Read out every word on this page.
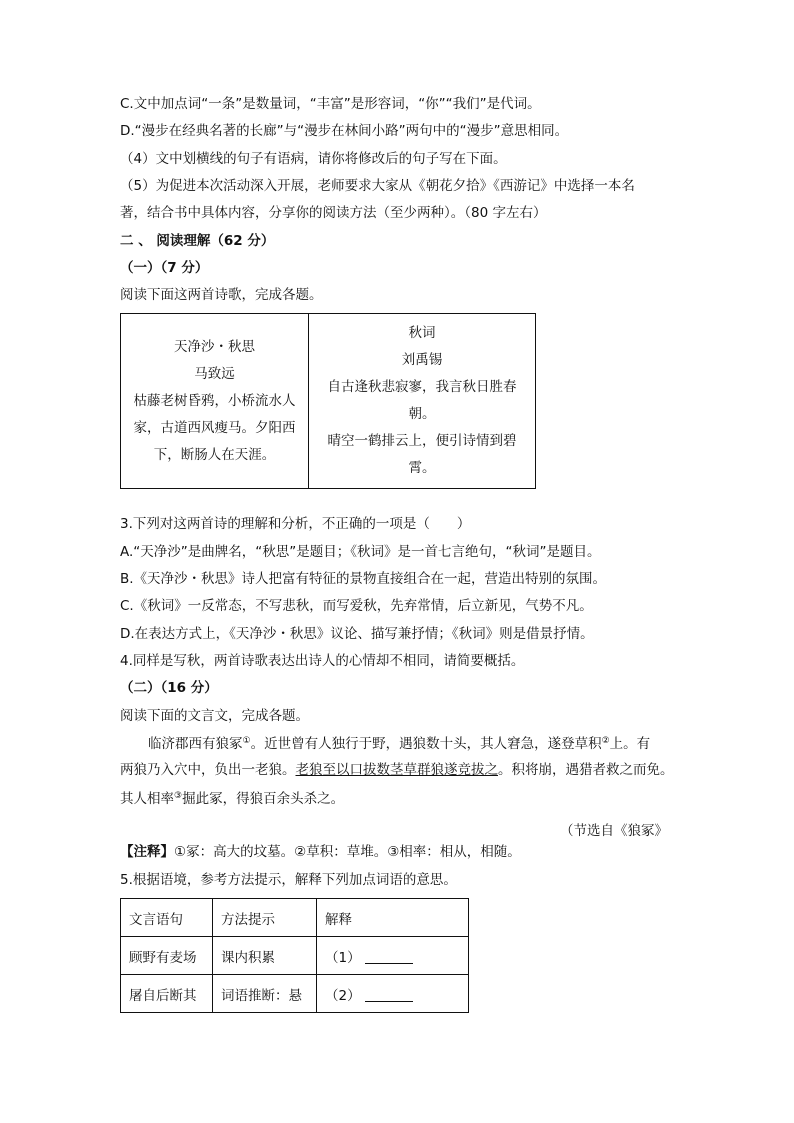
C.文中加点词“一条”是数量词，“丰富”是形容词，“你”“我们”是代词。
D.“漫步在经典名著的长廊”与“漫步在林间小路”两句中的“漫步”意思相同。
（4）文中划横线的句子有语病，请你将修改后的句子写在下面。
（5）为促进本次活动深入开展，老师要求大家从《朝花夕拾》《西游记》中选择一本名
著，结合书中具体内容，分享你的阅读方法（至少两种）。（80 字左右）
二 、 阅读理解（62 分）
（一）（7 分）
阅读下面这两首诗歌，完成各题。
天净沙・秋思
马致远
枯藤老树昏鸦，小桥流水人
家，古道西风瘦马。夕阳西
下，断肠人在天涯。

秋词
刘禹锡
自古逢秋悲寂寥，我言秋日胜春
朝。
晴空一鹤排云上，便引诗情到碧
霄。
3.下列对这两首诗的理解和分析，不正确的一项是（　　）
A.“天净沙”是曲牌名，“秋思”是题目；《秋词》是一首七言绝句，“秋词”是题目。
B.《天净沙・秋思》诗人把富有特征的景物直接组合在一起，营造出特别的氛围。
C.《秋词》一反常态，不写悲秋，而写爱秋，先弃常情，后立新见，气势不凡。
D.在表达方式上，《天净沙・秋思》议论、描写兼抒情；《秋词》则是借景抒情。
4.同样是写秋，两首诗歌表达出诗人的心情却不相同，请简要概括。
（二）（16 分）
阅读下面的文言文，完成各题。
临济郡西有狼冢①。近世曾有人独行于野，遇狼数十头，其人窘急，遂登草积②上。有
两狼乃入穴中，负出一老狼。老狼至以口拔数茎草群狼遂竞拔之。积将崩，遇猎者救之而免。
其人相率③掘此冢，得狼百余头杀之。
（节选自《狼冢》
【注释】①冢：高大的坟墓。②草积：草堆。③相率：相从，相随。
5.根据语境，参考方法提示，解释下列加点词语的意思。
文言语句	方法提示	解释
顾野有麦场	课内积累	（1）
屠自后断其	词语推断：悬	（2）
